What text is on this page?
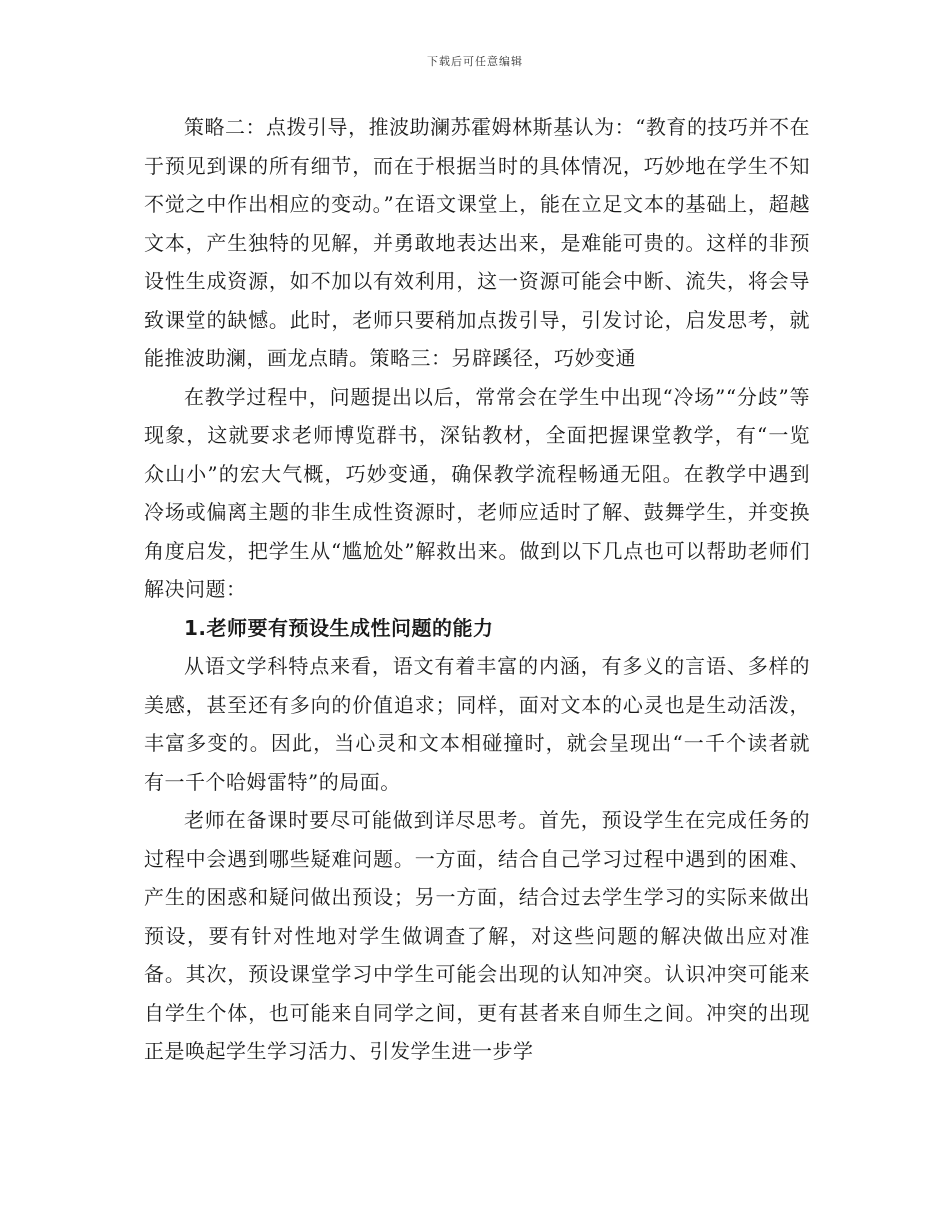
下载后可任意编辑

策略二：点拨引导，推波助澜苏霍姆林斯基认为：“教育的技巧并不在于预见到课的所有细节，而在于根据当时的具体情况，巧妙地在学生不知不觉之中作出相应的变动。”在语文课堂上，能在立足文本的基础上，超越文本，产生独特的见解，并勇敢地表达出来，是难能可贵的。这样的非预设性生成资源，如不加以有效利用，这一资源可能会中断、流失，将会导致课堂的缺憾。此时，老师只要稍加点拨引导，引发讨论，启发思考，就能推波助澜，画龙点睛。策略三：另辟蹊径，巧妙变通

在教学过程中，问题提出以后，常常会在学生中出现“冷场”“分歧”等现象，这就要求老师博览群书，深钻教材，全面把握课堂教学，有“一览众山小”的宏大气概，巧妙变通，确保教学流程畅通无阻。在教学中遇到冷场或偏离主题的非生成性资源时，老师应适时了解、鼓舞学生，并变换角度启发，把学生从“尴尬处”解救出来。做到以下几点也可以帮助老师们解决问题：

1.老师要有预设生成性问题的能力

从语文学科特点来看，语文有着丰富的内涵，有多义的言语、多样的美感，甚至还有多向的价值追求；同样，面对文本的心灵也是生动活泼，丰富多变的。因此，当心灵和文本相碰撞时，就会呈现出“一千个读者就有一千个哈姆雷特”的局面。

老师在备课时要尽可能做到详尽思考。首先，预设学生在完成任务的过程中会遇到哪些疑难问题。一方面，结合自己学习过程中遇到的困难、产生的困惑和疑问做出预设；另一方面，结合过去学生学习的实际来做出预设，要有针对性地对学生做调查了解，对这些问题的解决做出应对准备。其次，预设课堂学习中学生可能会出现的认知冲突。认识冲突可能来自学生个体，也可能来自同学之间，更有甚者来自师生之间。冲突的出现正是唤起学生学习活力、引发学生进一步学
